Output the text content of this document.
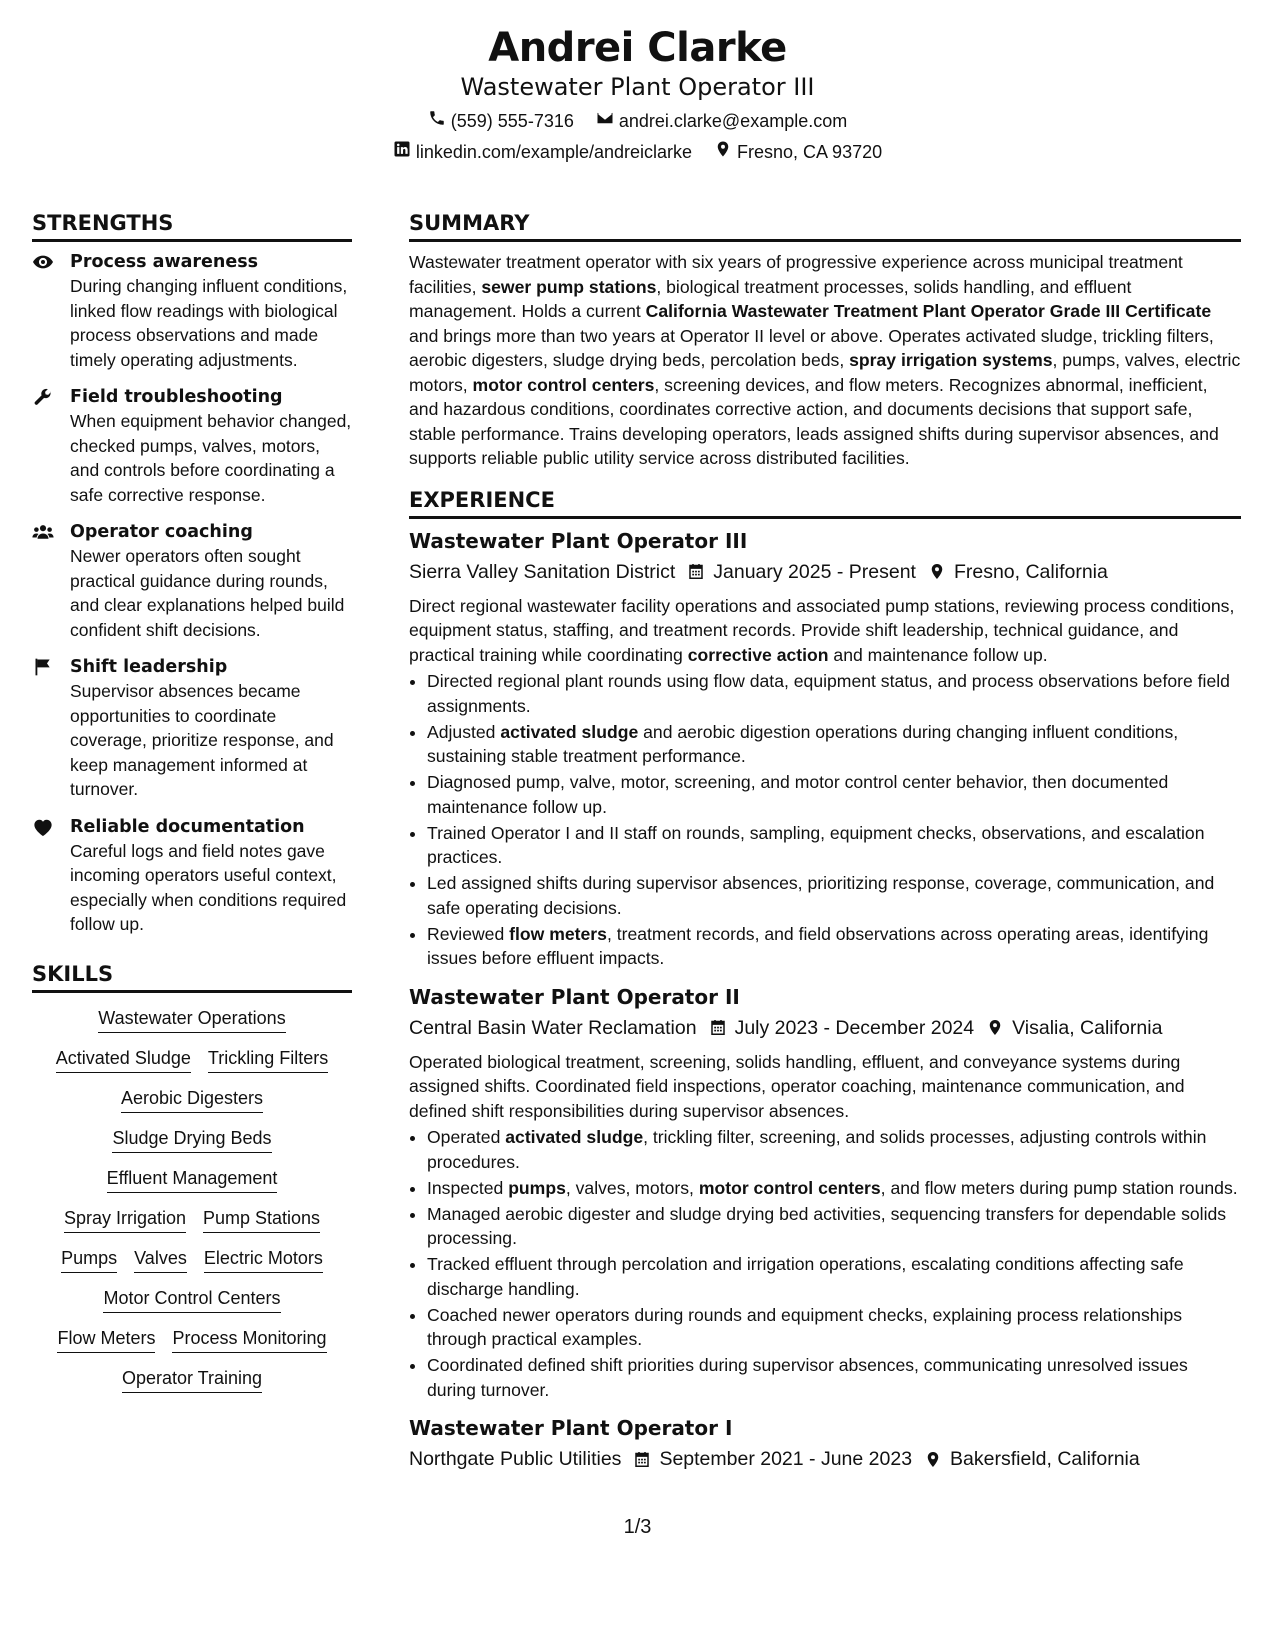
Andrei Clarke
Wastewater Plant Operator III
(559) 555-7316	andrei.clarke@example.com
linkedin.com/example/andreiclarke	Fresno, CA 93720
STRENGTHS
Process awareness
During changing influent conditions, linked flow readings with biological process observations and made timely operating adjustments.
Field troubleshooting
When equipment behavior changed, checked pumps, valves, motors, and controls before coordinating a safe corrective response.
Operator coaching
Newer operators often sought practical guidance during rounds, and clear explanations helped build confident shift decisions.
Shift leadership
Supervisor absences became opportunities to coordinate coverage, prioritize response, and keep management informed at turnover.
Reliable documentation
Careful logs and field notes gave incoming operators useful context, especially when conditions required follow up.
SKILLS
Wastewater Operations
Activated Sludge Trickling Filters
Aerobic Digesters
Sludge Drying Beds
Effluent Management
Spray Irrigation Pump Stations
Pumps Valves Electric Motors
Motor Control Centers
Flow Meters Process Monitoring
Operator Training
SUMMARY
Wastewater treatment operator with six years of progressive experience across municipal treatment facilities, sewer pump stations, biological treatment processes, solids handling, and effluent management. Holds a current California Wastewater Treatment Plant Operator Grade III Certificate and brings more than two years at Operator II level or above. Operates activated sludge, trickling filters, aerobic digesters, sludge drying beds, percolation beds, spray irrigation systems, pumps, valves, electric motors, motor control centers, screening devices, and flow meters. Recognizes abnormal, inefficient, and hazardous conditions, coordinates corrective action, and documents decisions that support safe, stable performance. Trains developing operators, leads assigned shifts during supervisor absences, and supports reliable public utility service across distributed facilities.
EXPERIENCE
Wastewater Plant Operator III
Sierra Valley Sanitation District January 2025 - Present Fresno, California
Direct regional wastewater facility operations and associated pump stations, reviewing process conditions, equipment status, staffing, and treatment records. Provide shift leadership, technical guidance, and practical training while coordinating corrective action and maintenance follow up.
• Directed regional plant rounds using flow data, equipment status, and process observations before field assignments.
• Adjusted activated sludge and aerobic digestion operations during changing influent conditions, sustaining stable treatment performance.
• Diagnosed pump, valve, motor, screening, and motor control center behavior, then documented maintenance follow up.
• Trained Operator I and II staff on rounds, sampling, equipment checks, observations, and escalation practices.
• Led assigned shifts during supervisor absences, prioritizing response, coverage, communication, and safe operating decisions.
• Reviewed flow meters, treatment records, and field observations across operating areas, identifying issues before effluent impacts.
Wastewater Plant Operator II
Central Basin Water Reclamation July 2023 - December 2024 Visalia, California
Operated biological treatment, screening, solids handling, effluent, and conveyance systems during assigned shifts. Coordinated field inspections, operator coaching, maintenance communication, and defined shift responsibilities during supervisor absences.
• Operated activated sludge, trickling filter, screening, and solids processes, adjusting controls within procedures.
• Inspected pumps, valves, motors, motor control centers, and flow meters during pump station rounds.
• Managed aerobic digester and sludge drying bed activities, sequencing transfers for dependable solids processing.
• Tracked effluent through percolation and irrigation operations, escalating conditions affecting safe discharge handling.
• Coached newer operators during rounds and equipment checks, explaining process relationships through practical examples.
• Coordinated defined shift priorities during supervisor absences, communicating unresolved issues during turnover.
Wastewater Plant Operator I
Northgate Public Utilities September 2021 - June 2023 Bakersfield, California
1/3
